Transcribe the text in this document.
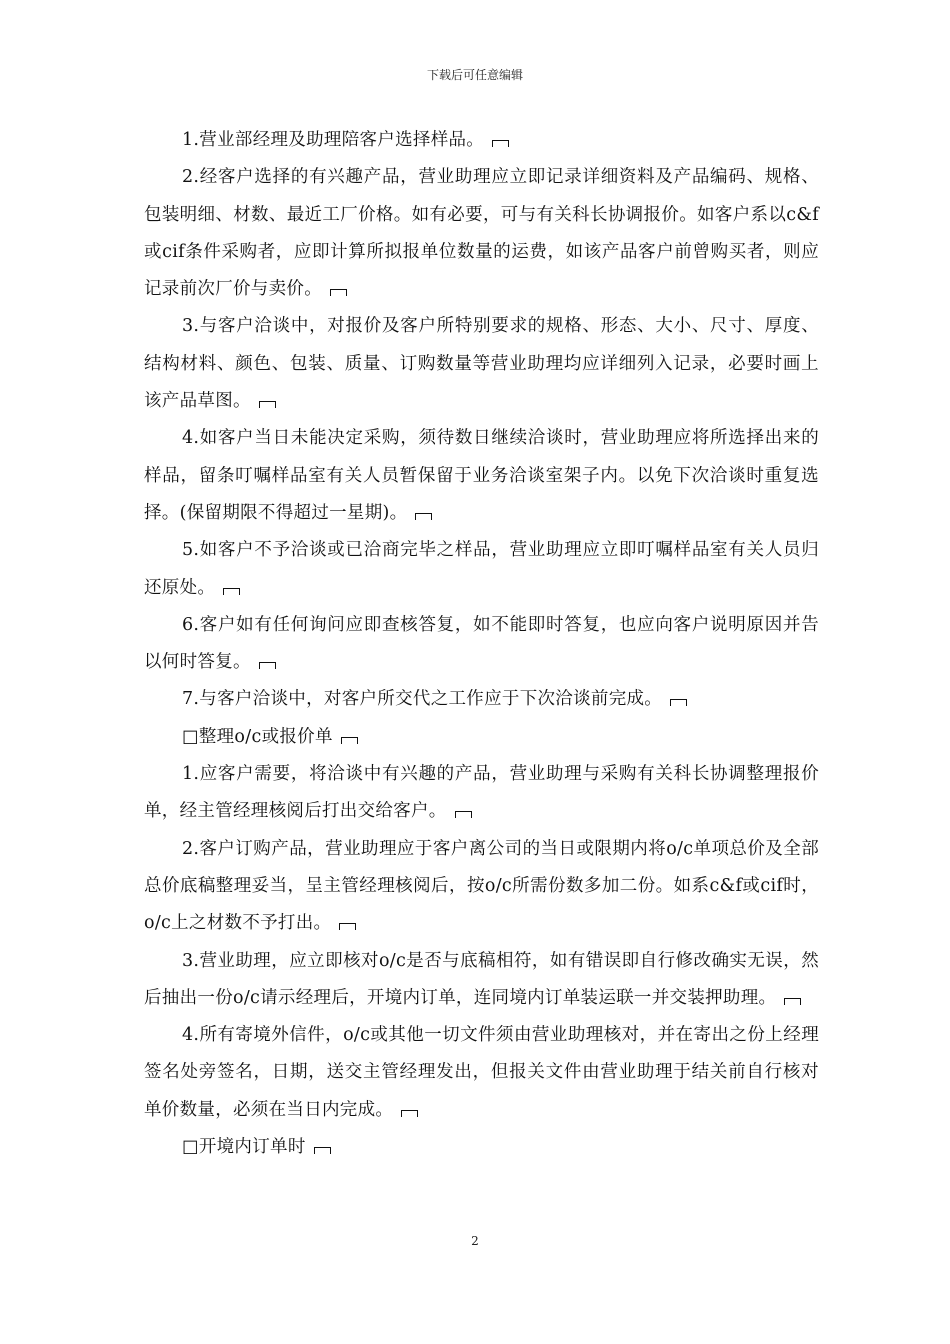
下载后可任意编辑

1.营业部经理及助理陪客户选择样品。

2.经客户选择的有兴趣产品，营业助理应立即记录详细资料及产品编码、规格、包装明细、材数、最近工厂价格。如有必要，可与有关科长协调报价。如客户系以c&f或cif条件采购者，应即计算所拟报单位数量的运费，如该产品客户前曾购买者，则应记录前次厂价与卖价。

3.与客户洽谈中，对报价及客户所特别要求的规格、形态、大小、尺寸、厚度、结构材料、颜色、包装、质量、订购数量等营业助理均应详细列入记录，必要时画上该产品草图。

4.如客户当日未能决定采购，须待数日继续洽谈时，营业助理应将所选择出来的样品，留条叮嘱样品室有关人员暂保留于业务洽谈室架子内。以免下次洽谈时重复选择。(保留期限不得超过一星期)。

5.如客户不予洽谈或已洽商完毕之样品，营业助理应立即叮嘱样品室有关人员归还原处。

6.客户如有任何询问应即查核答复，如不能即时答复，也应向客户说明原因并告以何时答复。

7.与客户洽谈中，对客户所交代之工作应于下次洽谈前完成。

□整理o/c或报价单

1.应客户需要，将洽谈中有兴趣的产品，营业助理与采购有关科长协调整理报价单，经主管经理核阅后打出交给客户。

2.客户订购产品，营业助理应于客户离公司的当日或限期内将o/c单项总价及全部总价底稿整理妥当，呈主管经理核阅后，按o/c所需份数多加二份。如系c&f或cif时，o/c上之材数不予打出。

3.营业助理，应立即核对o/c是否与底稿相符，如有错误即自行修改确实无误，然后抽出一份o/c请示经理后，开境内订单，连同境内订单装运联一并交装押助理。

4.所有寄境外信件，o/c或其他一切文件须由营业助理核对，并在寄出之份上经理签名处旁签名，日期，送交主管经理发出，但报关文件由营业助理于结关前自行核对单价数量，必须在当日内完成。

□开境内订单时

2
